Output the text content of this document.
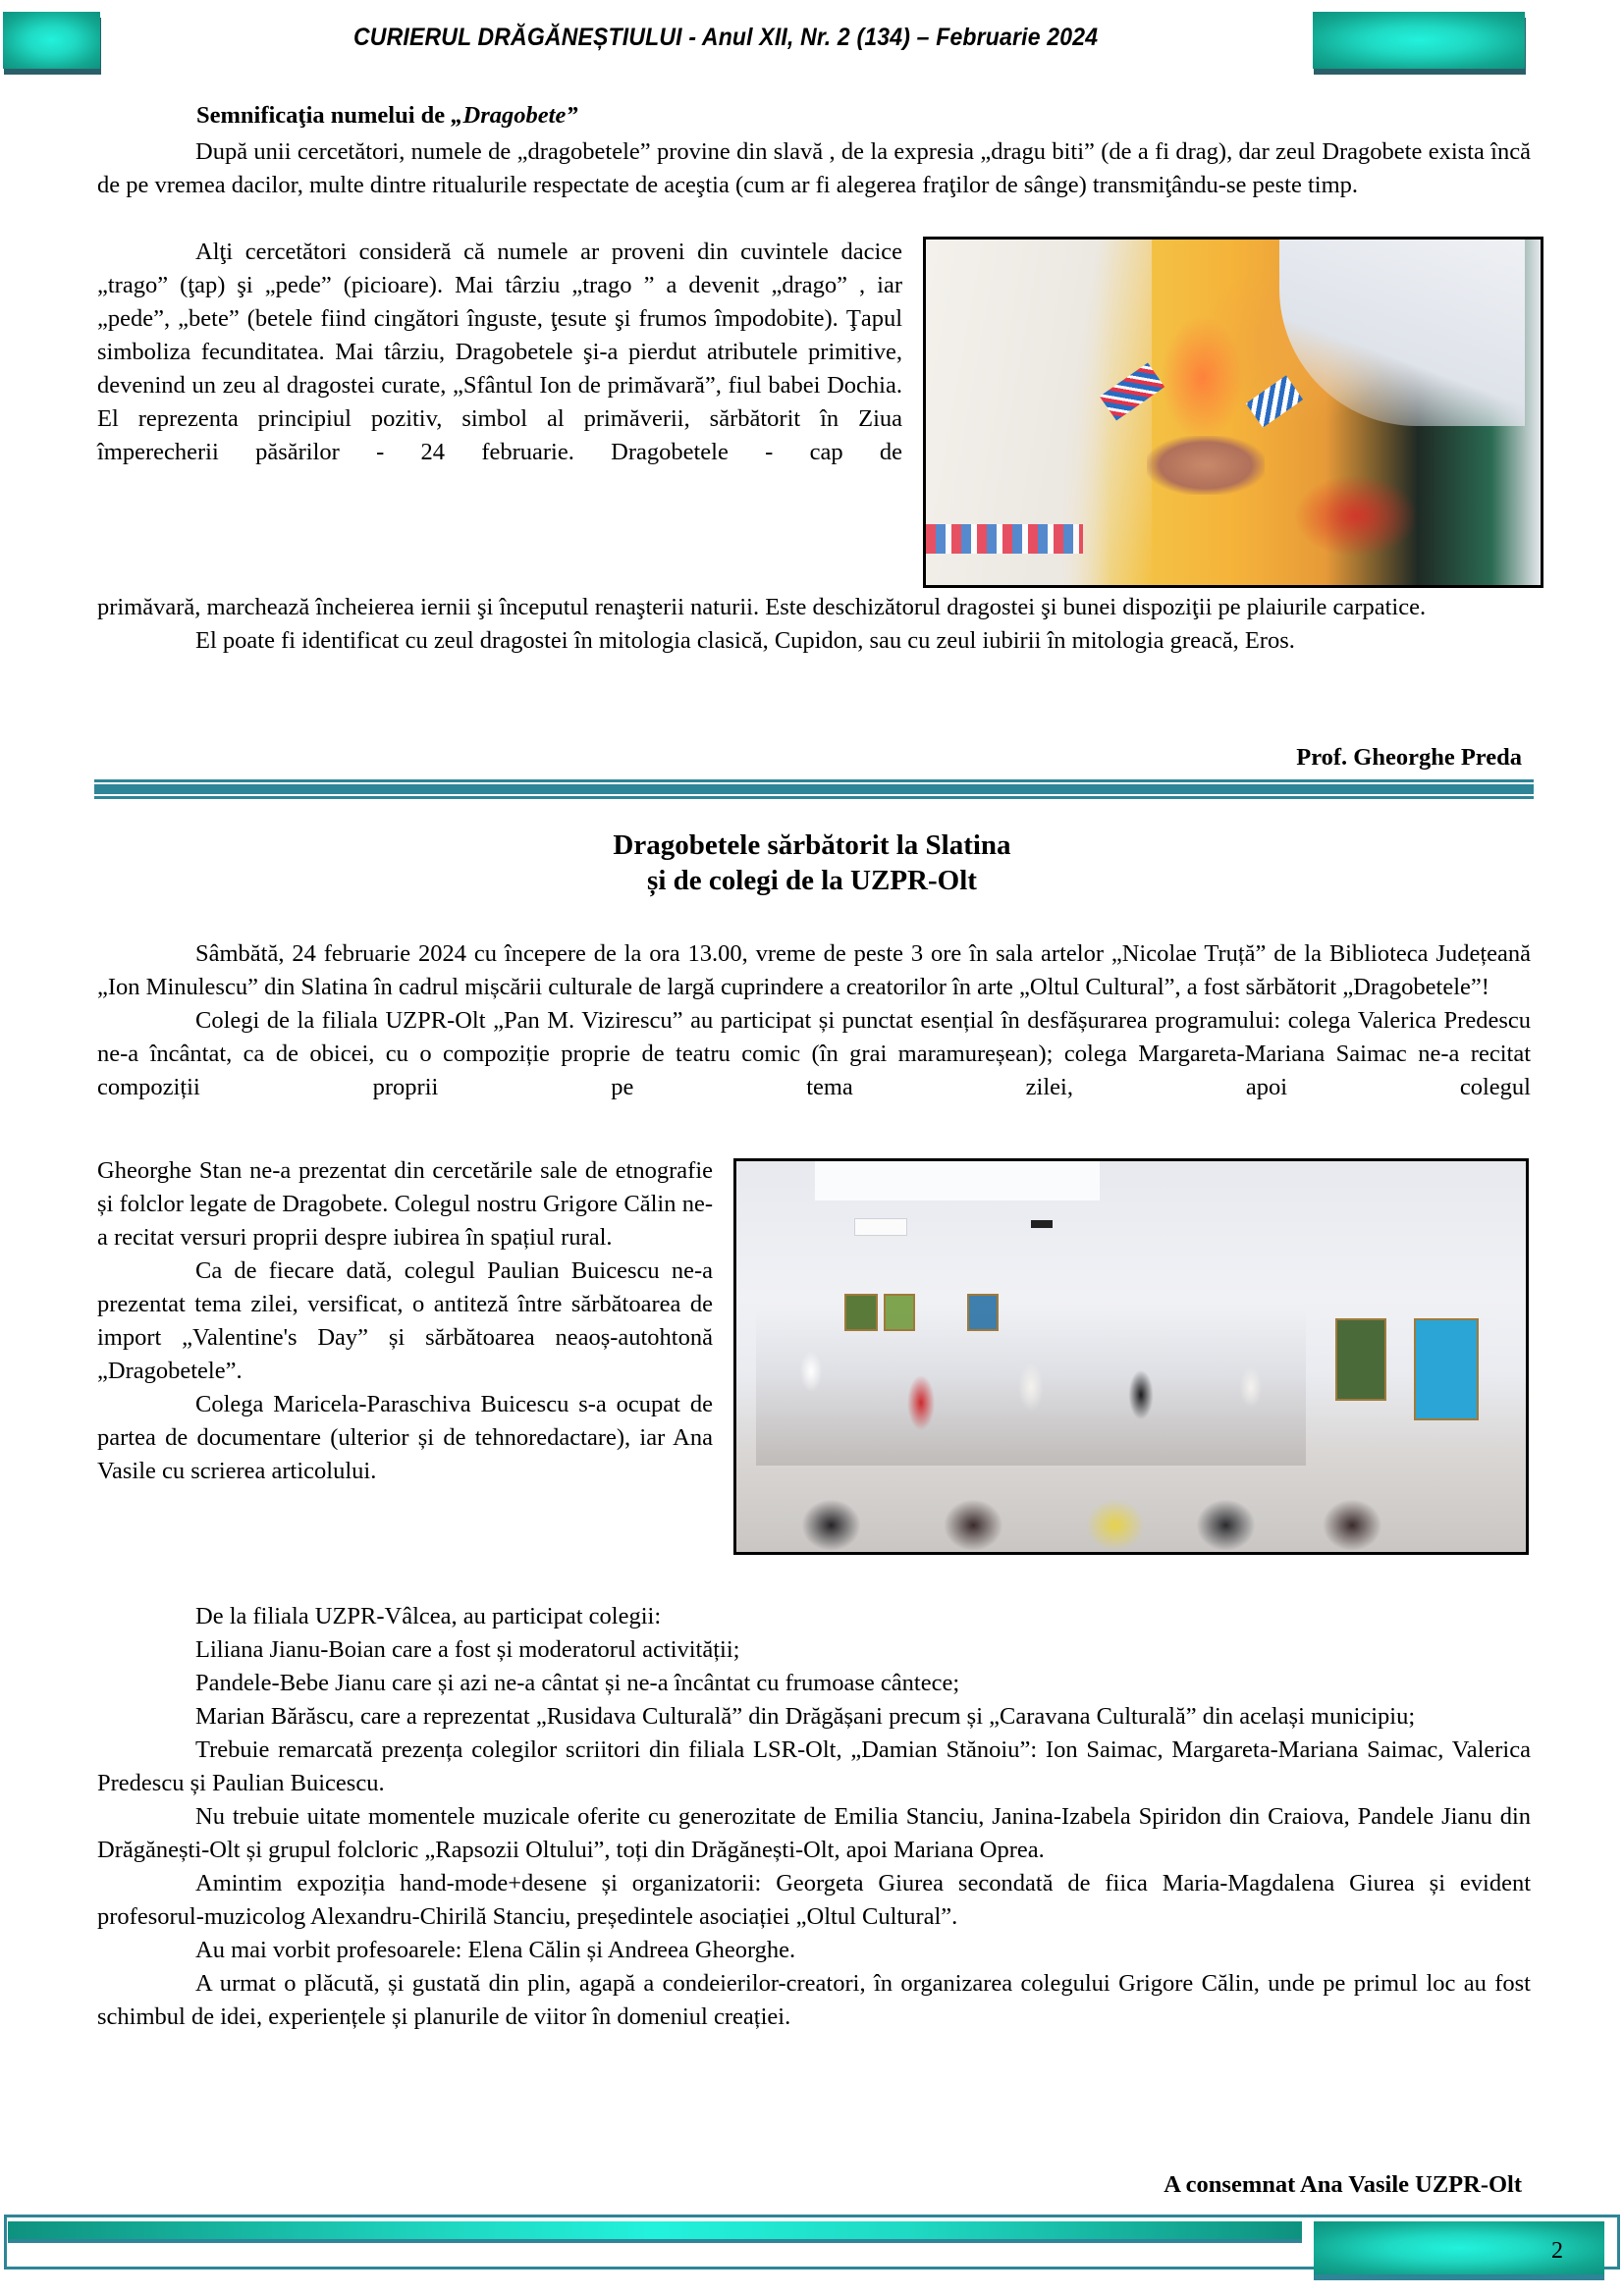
CURIERUL DRĂGĂNEȘTIULUI - Anul XII, Nr. 2 (134) – Februarie 2024
Semnificaţia numelui de „Dragobete”

După unii cercetători, numele de „dragobetele” provine din slavă , de la expresia „dragu biti” (de a fi drag), dar zeul Dragobete exista încă de pe vremea dacilor, multe dintre ritualurile respectate de aceştia (cum ar fi alegerea fraţilor de sânge) transmiţându-se peste timp.

Alţi cercetători consideră că numele ar proveni din cuvintele dacice „trago” (ţap) şi „pede” (picioare). Mai târziu „trago ” a devenit „drago” , iar „pede”, „bete” (betele fiind cingători înguste, ţesute şi frumos împodobite). Ţapul simboliza fecunditatea. Mai târziu, Dragobetele şi-a pierdut atributele primitive, devenind un zeu al dragostei curate, „Sfântul Ion de primăvară”, fiul babei Dochia. El reprezenta principiul pozitiv, simbol al primăverii, sărbătorit în Ziua împerecherii păsărilor - 24 februarie. Dragobetele - cap de

primăvară, marchează încheierea iernii şi începutul renaşterii naturii. Este deschizătorul dragostei şi bunei dispoziţii pe plaiurile carpatice.

El poate fi identificat cu zeul dragostei în mitologia clasică, Cupidon, sau cu zeul iubirii în mitologia greacă, Eros.

Prof. Gheorghe Preda
Dragobetele sărbătorit la Slatina
și de colegi de la UZPR-Olt

Sâmbătă, 24 februarie 2024 cu începere de la ora 13.00, vreme de peste 3 ore în sala artelor „Nicolae Truță” de la Biblioteca Județeană „Ion Minulescu” din Slatina în cadrul mișcării culturale de largă cuprindere a creatorilor în arte „Oltul Cultural”, a fost sărbătorit „Dragobetele”!

Colegi de la filiala UZPR-Olt „Pan M. Vizirescu” au participat și punctat esențial în desfășurarea programului: colega Valerica Predescu ne-a încântat, ca de obicei, cu o compoziție proprie de teatru comic (în grai maramureșean); colega Margareta-Mariana Saimac ne-a recitat compoziții proprii pe tema zilei, apoi colegul

Gheorghe Stan ne-a prezentat din cercetările sale de etnografie și folclor legate de Dragobete. Colegul nostru Grigore Călin ne-a recitat versuri proprii despre iubirea în spațiul rural.

Ca de fiecare dată, colegul Paulian Buicescu ne-a prezentat tema zilei, versificat, o antiteză între sărbătoarea de import „Valentine's Day” și sărbătoarea neaoș-autohtonă „Dragobetele”.

Colega Maricela-Paraschiva Buicescu s-a ocupat de partea de documentare (ulterior și de tehnoredactare), iar Ana Vasile cu scrierea articolului.

De la filiala UZPR-Vâlcea, au participat colegii:

Liliana Jianu-Boian care a fost și moderatorul activității;

Pandele-Bebe Jianu care și azi ne-a cântat și ne-a încântat cu frumoase cântece;

Marian Bărăscu, care a reprezentat „Rusidava Culturală” din Drăgășani precum și „Caravana Culturală” din același municipiu;

Trebuie remarcată prezența colegilor scriitori din filiala LSR-Olt, „Damian Stănoiu”: Ion Saimac, Margareta-Mariana Saimac, Valerica Predescu și Paulian Buicescu.

Nu trebuie uitate momentele muzicale oferite cu generozitate de Emilia Stanciu, Janina-Izabela Spiridon din Craiova, Pandele Jianu din Drăgănești-Olt și grupul folcloric „Rapsozii Oltului”, toți din Drăgănești-Olt, apoi Mariana Oprea.

Amintim expoziția hand-mode+desene și organizatorii: Georgeta Giurea secondată de fiica Maria-Magdalena Giurea și evident profesorul-muzicolog Alexandru-Chirilă Stanciu, președintele asociației „Oltul Cultural”.

Au mai vorbit profesoarele: Elena Călin și Andreea Gheorghe.

A urmat o plăcută, și gustată din plin, agapă a condeierilor-creatori, în organizarea colegului Grigore Călin, unde pe primul loc au fost schimbul de idei, experiențele și planurile de viitor în domeniul creației.

A consemnat Ana Vasile UZPR-Olt
2
